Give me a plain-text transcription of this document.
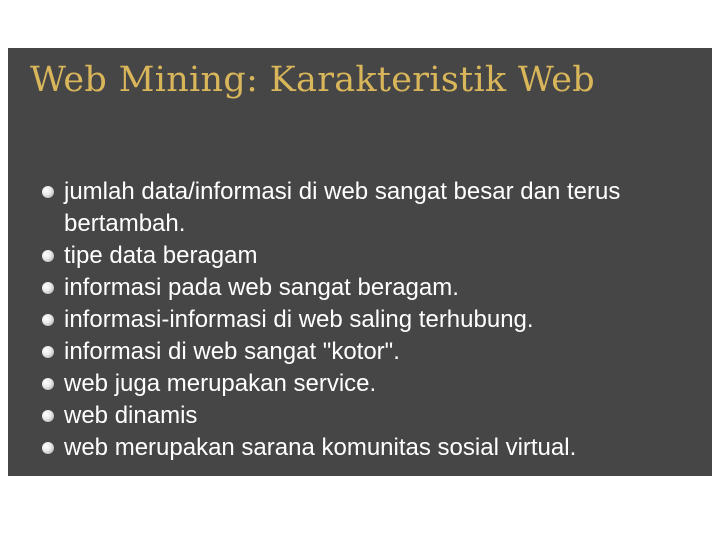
Web Mining: Karakteristik Web
jumlah data/informasi di web sangat besar dan terus bertambah.
tipe data beragam
informasi pada web sangat beragam.
informasi-informasi di web saling terhubung.
informasi di web sangat "kotor".
web juga merupakan service.
web dinamis
web merupakan sarana komunitas sosial virtual.
